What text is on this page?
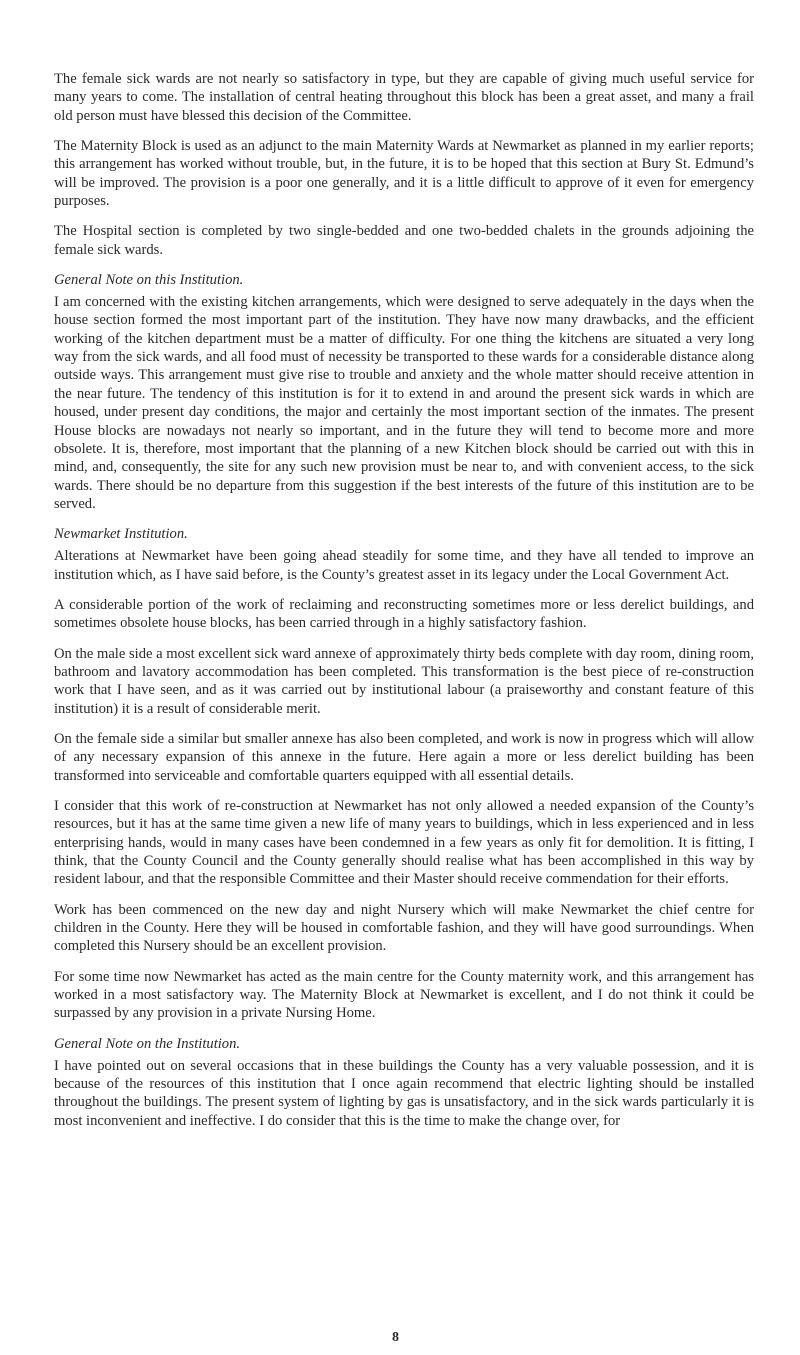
The female sick wards are not nearly so satisfactory in type, but they are capable of giving much useful service for many years to come. The installation of central heating throughout this block has been a great asset, and many a frail old person must have blessed this decision of the Committee.

The Maternity Block is used as an adjunct to the main Maternity Wards at Newmarket as planned in my earlier reports; this arrangement has worked without trouble, but, in the future, it is to be hoped that this section at Bury St. Edmund’s will be improved. The provision is a poor one generally, and it is a little difficult to approve of it even for emergency purposes.

The Hospital section is completed by two single-bedded and one two-bedded chalets in the grounds adjoining the female sick wards.

General Note on this Institution.

I am concerned with the existing kitchen arrangements, which were designed to serve adequately in the days when the house section formed the most important part of the institution. They have now many drawbacks, and the efficient working of the kitchen department must be a matter of difficulty. For one thing the kitchens are situated a very long way from the sick wards, and all food must of necessity be transported to these wards for a considerable distance along outside ways. This arrangement must give rise to trouble and anxiety and the whole matter should receive attention in the near future. The tendency of this institution is for it to extend in and around the present sick wards in which are housed, under present day conditions, the major and certainly the most important section of the inmates. The present House blocks are nowadays not nearly so important, and in the future they will tend to become more and more obsolete. It is, therefore, most important that the planning of a new Kitchen block should be carried out with this in mind, and, consequently, the site for any such new provision must be near to, and with convenient access, to the sick wards. There should be no departure from this suggestion if the best interests of the future of this institution are to be served.

Newmarket Institution.

Alterations at Newmarket have been going ahead steadily for some time, and they have all tended to improve an institution which, as I have said before, is the County’s greatest asset in its legacy under the Local Government Act.

A considerable portion of the work of reclaiming and reconstructing sometimes more or less derelict buildings, and sometimes obsolete house blocks, has been carried through in a highly satisfactory fashion.

On the male side a most excellent sick ward annexe of approximately thirty beds complete with day room, dining room, bathroom and lavatory accommodation has been completed. This transformation is the best piece of re-construction work that I have seen, and as it was carried out by institutional labour (a praiseworthy and constant feature of this institution) it is a result of considerable merit.

On the female side a similar but smaller annexe has also been completed, and work is now in progress which will allow of any necessary expansion of this annexe in the future. Here again a more or less derelict building has been transformed into serviceable and comfortable quarters equipped with all essential details.

I consider that this work of re-construction at Newmarket has not only allowed a needed expansion of the County’s resources, but it has at the same time given a new life of many years to buildings, which in less experienced and in less enterprising hands, would in many cases have been condemned in a few years as only fit for demolition. It is fitting, I think, that the County Council and the County generally should realise what has been accomplished in this way by resident labour, and that the responsible Committee and their Master should receive commendation for their efforts.

Work has been commenced on the new day and night Nursery which will make Newmarket the chief centre for children in the County. Here they will be housed in comfortable fashion, and they will have good surroundings. When completed this Nursery should be an excellent provision.

For some time now Newmarket has acted as the main centre for the County maternity work, and this arrangement has worked in a most satisfactory way. The Maternity Block at Newmarket is excellent, and I do not think it could be surpassed by any provision in a private Nursing Home.

General Note on the Institution.

I have pointed out on several occasions that in these buildings the County has a very valuable possession, and it is because of the resources of this institution that I once again recommend that electric lighting should be installed throughout the buildings. The present system of lighting by gas is unsatisfactory, and in the sick wards particularly it is most inconvenient and ineffective. I do consider that this is the time to make the change over, for

8
